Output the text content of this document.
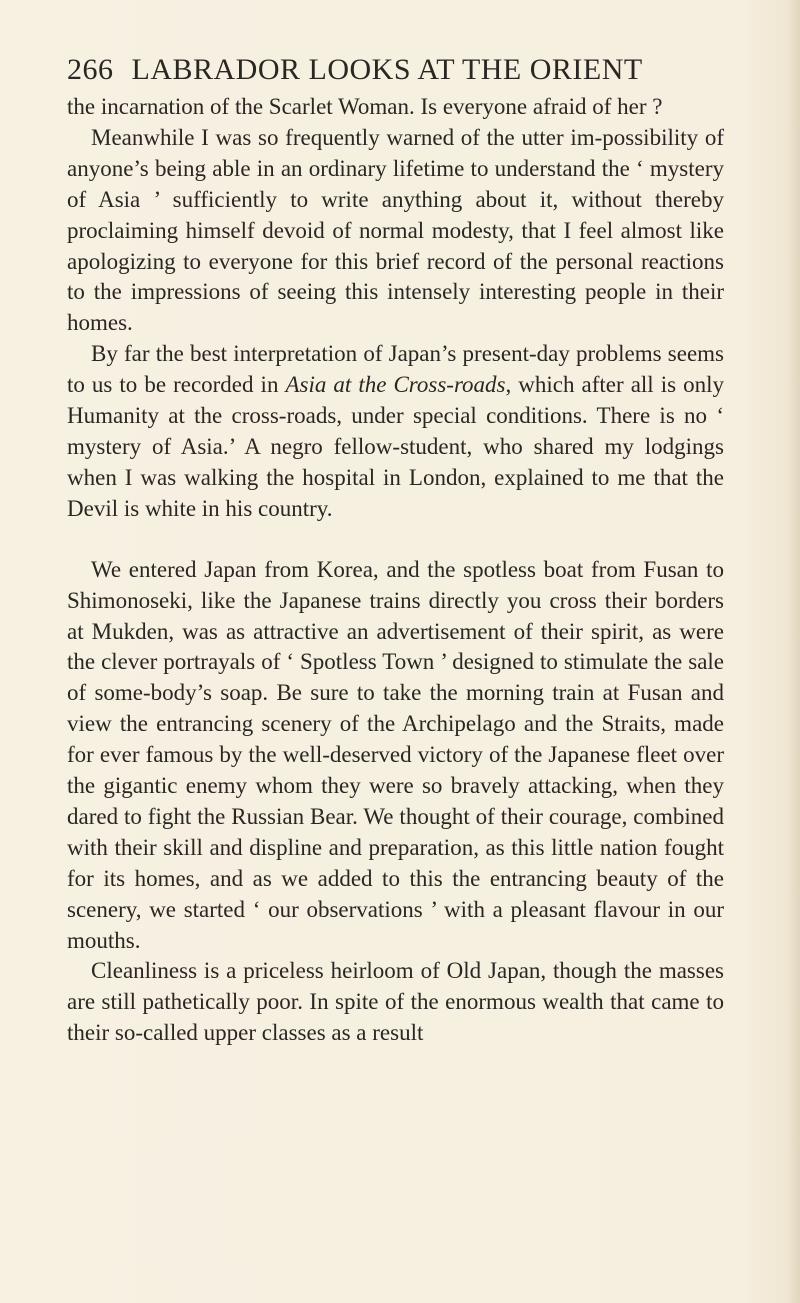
266 LABRADOR LOOKS AT THE ORIENT

the incarnation of the Scarlet Woman. Is everyone afraid of her ?

Meanwhile I was so frequently warned of the utter im-possibility of anyone’s being able in an ordinary lifetime to understand the ‘ mystery of Asia ’ sufficiently to write anything about it, without thereby proclaiming himself devoid of normal modesty, that I feel almost like apologizing to everyone for this brief record of the personal reactions to the impressions of seeing this intensely interesting people in their homes.

By far the best interpretation of Japan’s present-day problems seems to us to be recorded in Asia at the Cross-roads, which after all is only Humanity at the cross-roads, under special conditions. There is no ‘ mystery of Asia.’ A negro fellow-student, who shared my lodgings when I was walking the hospital in London, explained to me that the Devil is white in his country.

We entered Japan from Korea, and the spotless boat from Fusan to Shimonoseki, like the Japanese trains directly you cross their borders at Mukden, was as attractive an advertisement of their spirit, as were the clever portrayals of ‘ Spotless Town ’ designed to stimulate the sale of some-body’s soap. Be sure to take the morning train at Fusan and view the entrancing scenery of the Archipelago and the Straits, made for ever famous by the well-deserved victory of the Japanese fleet over the gigantic enemy whom they were so bravely attacking, when they dared to fight the Russian Bear. We thought of their courage, combined with their skill and displine and preparation, as this little nation fought for its homes, and as we added to this the entrancing beauty of the scenery, we started ‘ our observations ’ with a pleasant flavour in our mouths.

Cleanliness is a priceless heirloom of Old Japan, though the masses are still pathetically poor. In spite of the enormous wealth that came to their so-called upper classes as a result
